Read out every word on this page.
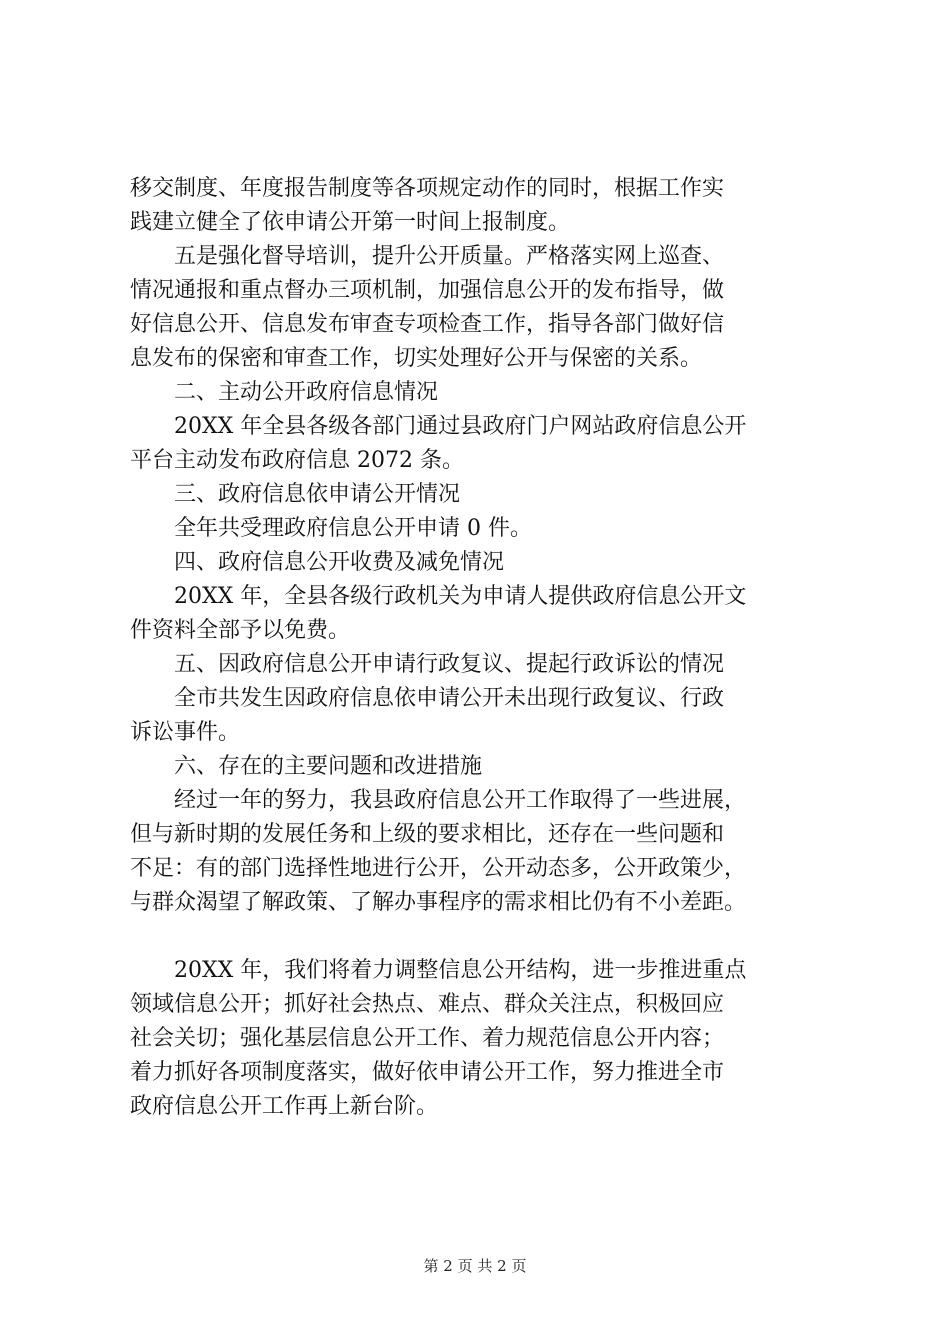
移交制度、年度报告制度等各项规定动作的同时，根据工作实
践建立健全了依申请公开第一时间上报制度。
　　五是强化督导培训，提升公开质量。严格落实网上巡查、
情况通报和重点督办三项机制，加强信息公开的发布指导，做
好信息公开、信息发布审查专项检查工作，指导各部门做好信
息发布的保密和审查工作，切实处理好公开与保密的关系。
　　二、主动公开政府信息情况
　　20XX 年全县各级各部门通过县政府门户网站政府信息公开
平台主动发布政府信息 2072 条。
　　三、政府信息依申请公开情况
　　全年共受理政府信息公开申请 0 件。
　　四、政府信息公开收费及减免情况
　　20XX 年，全县各级行政机关为申请人提供政府信息公开文
件资料全部予以免费。
　　五、因政府信息公开申请行政复议、提起行政诉讼的情况
　　全市共发生因政府信息依申请公开未出现行政复议、行政
诉讼事件。
　　六、存在的主要问题和改进措施
　　经过一年的努力，我县政府信息公开工作取得了一些进展，
但与新时期的发展任务和上级的要求相比，还存在一些问题和
不足：有的部门选择性地进行公开，公开动态多，公开政策少，
与群众渴望了解政策、了解办事程序的需求相比仍有不小差距。
　　20XX 年，我们将着力调整信息公开结构，进一步推进重点
领域信息公开；抓好社会热点、难点、群众关注点，积极回应
社会关切；强化基层信息公开工作、着力规范信息公开内容；
着力抓好各项制度落实，做好依申请公开工作，努力推进全市
政府信息公开工作再上新台阶。
第 2 页 共 2 页
